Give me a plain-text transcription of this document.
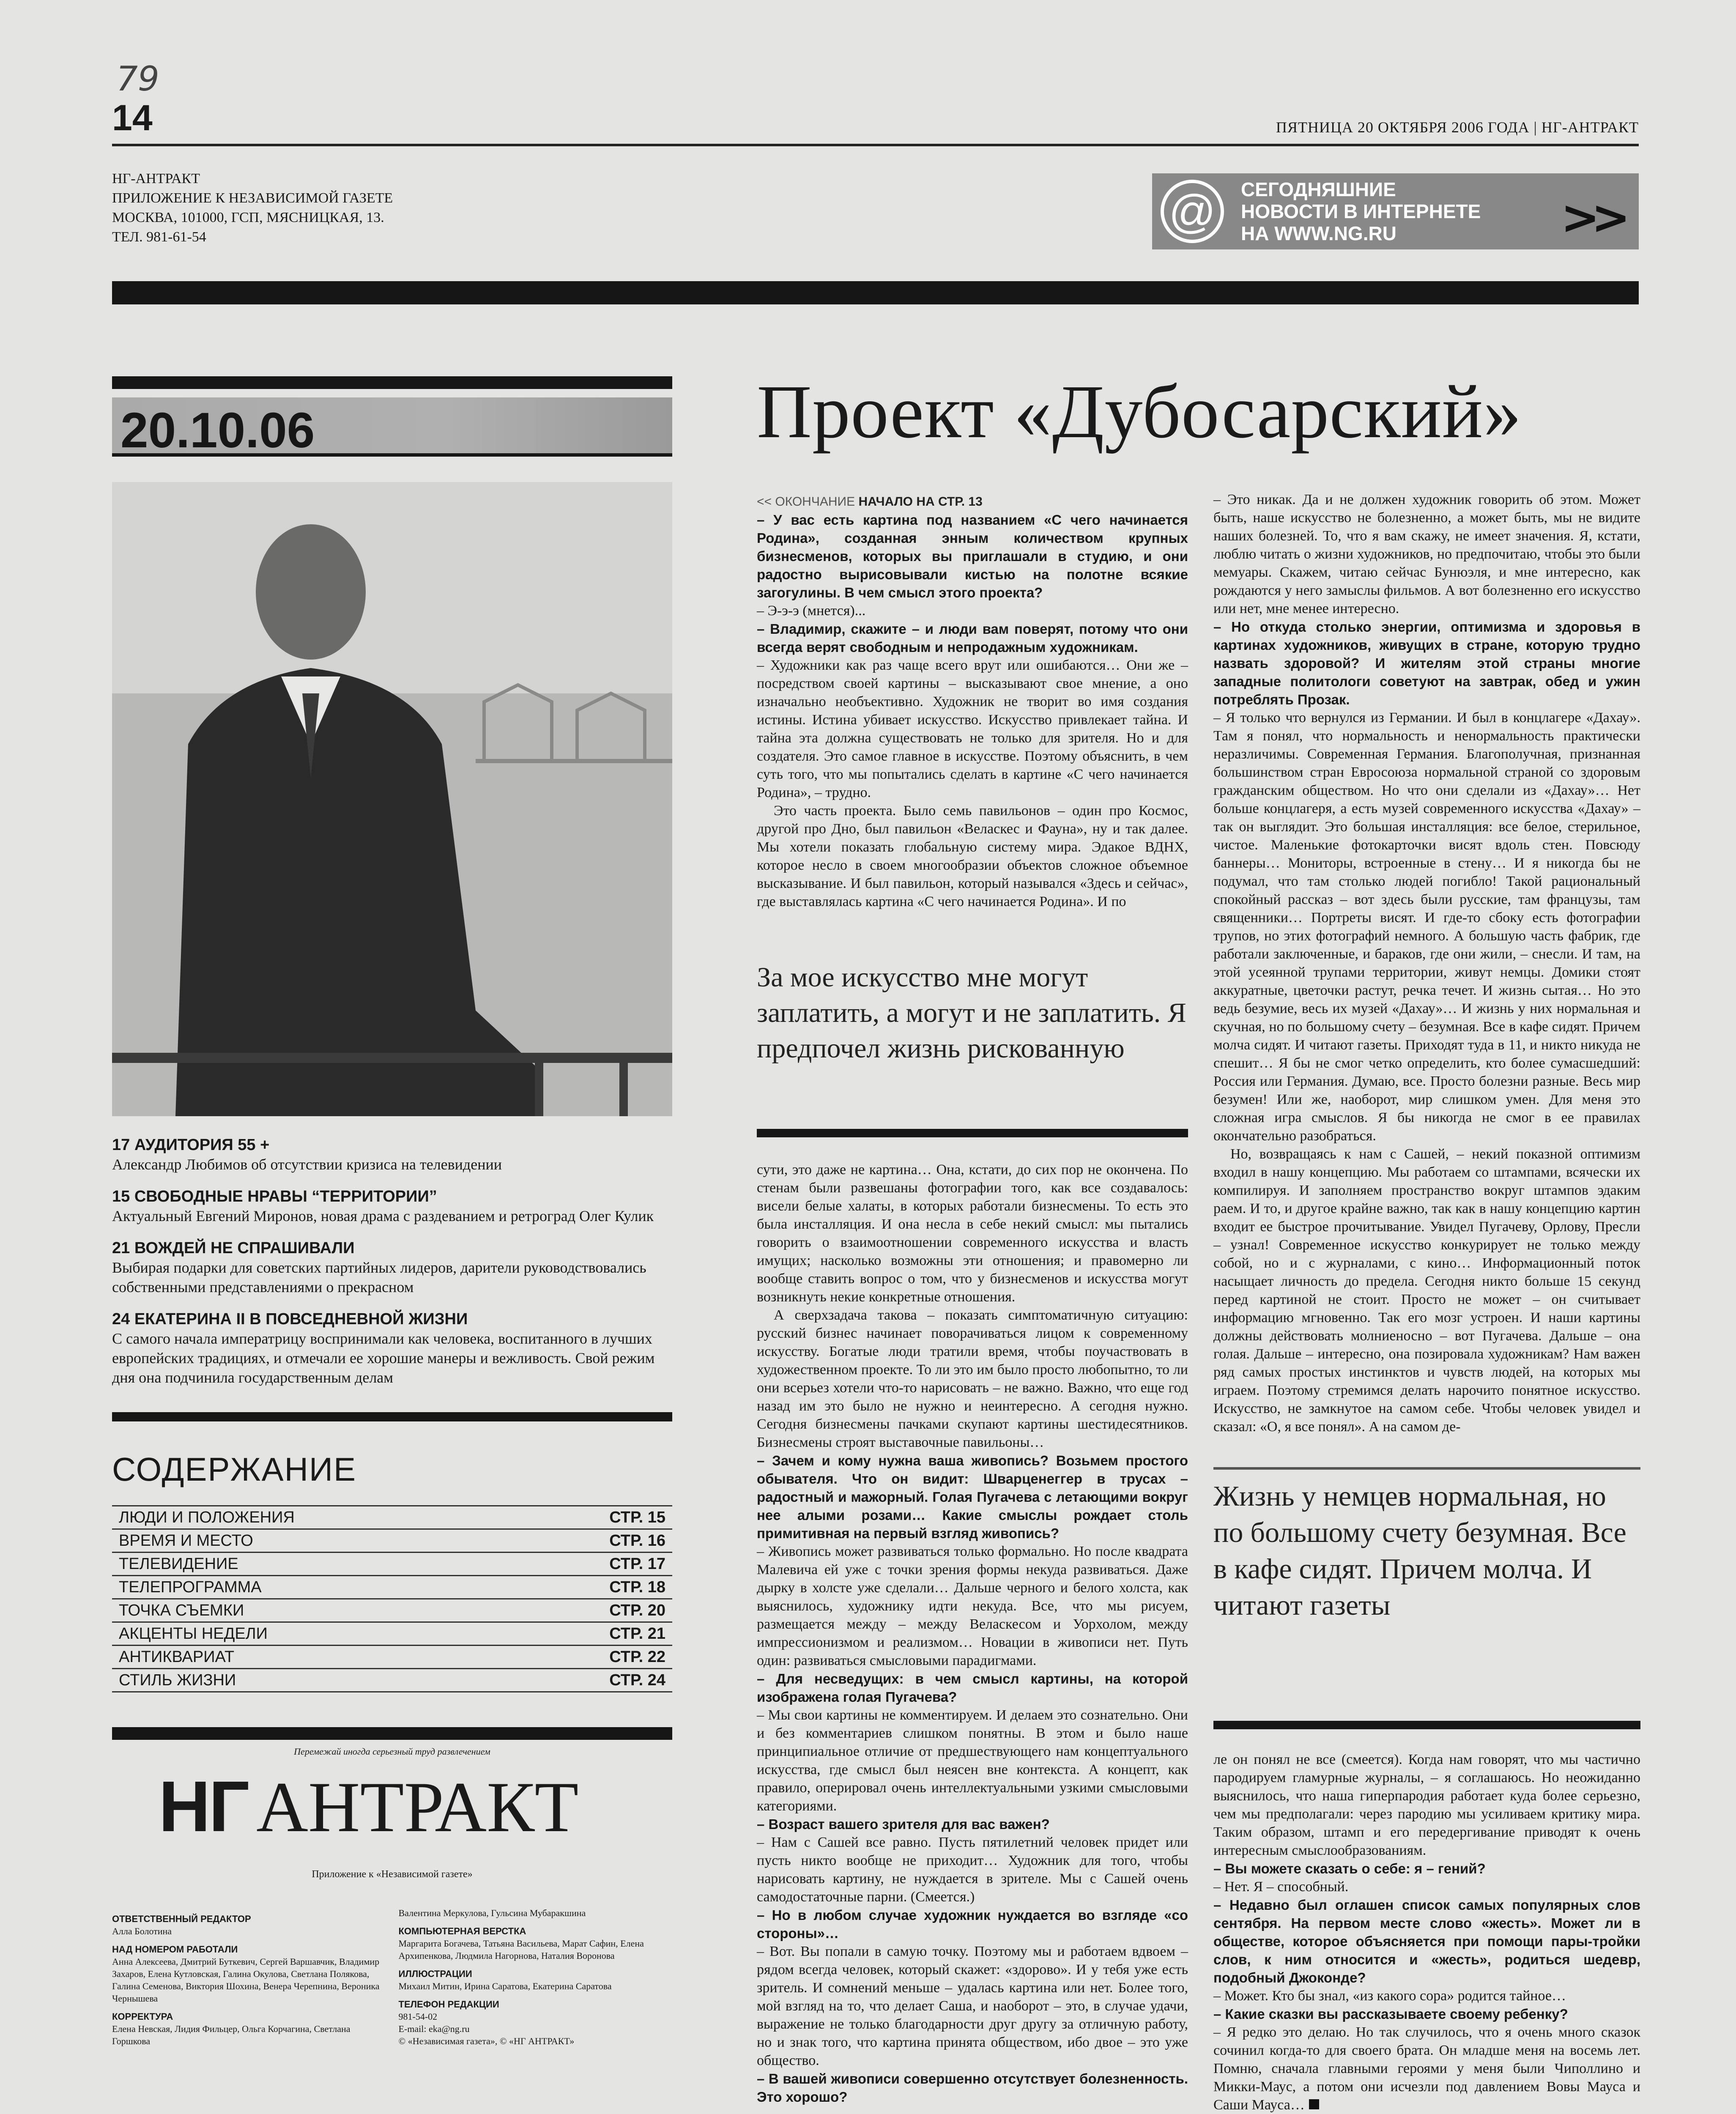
79
14	ПЯТНИЦА 20 ОКТЯБРЯ 2006 ГОДА | НГ-АНТРАКТ
НГ-АНТРАКТ
ПРИЛОЖЕНИЕ К НЕЗАВИСИМОЙ ГАЗЕТЕ
МОСКВА, 101000, ГСП, МЯСНИЦКАЯ, 13.
ТЕЛ. 981-61-54	@	СЕГОДНЯШНИЕ
НОВОСТИ В ИНТЕРНЕТЕ
НА WWW.NG.RU	>>
20.10.06
17 АУДИТОРИЯ 55 +
Александр Любимов об отсутствии кризиса на телевидении
15 СВОБОДНЫЕ НРАВЫ “ТЕРРИТОРИИ”
Актуальный Евгений Миронов, новая драма с раздеванием и ретроград Олег Кулик
21 ВОЖДЕЙ НЕ СПРАШИВАЛИ
Выбирая подарки для советских партийных лидеров, дарители руководствовались собственными представлениями о прекрасном
24 ЕКАТЕРИНА II В ПОВСЕДНЕВНОЙ ЖИЗНИ
С самого начала императрицу воспринимали как человека, воспитанного в лучших европейских традициях, и отмечали ее хорошие манеры и вежливость. Свой режим дня она подчинила государственным делам
СОДЕРЖАНИЕ
ЛЮДИ И ПОЛОЖЕНИЯ	СТР. 15
ВРЕМЯ И МЕСТО	СТР. 16
ТЕЛЕВИДЕНИЕ	СТР. 17
ТЕЛЕПРОГРАММА	СТР. 18
ТОЧКА СЪЕМКИ	СТР. 20
АКЦЕНТЫ НЕДЕЛИ	СТР. 21
АНТИКВАРИАТ	СТР. 22
СТИЛЬ ЖИЗНИ	СТР. 24
Перемежай иногда серьезный труд развлечением
НГ АНТРАКТ
Приложение к «Независимой газете»
ОТВЕТСТВЕННЫЙ РЕДАКТОР
Алла Болотина
НАД НОМЕРОМ РАБОТАЛИ
Анна Алексеева, Дмитрий Буткевич, Сергей Варшавчик, Владимир Захаров, Елена Кутловская, Галина Окулова, Светлана Полякова, Галина Семенова, Виктория Шохина, Венера Черепнина, Вероника Чернышева
КОРРЕКТУРА
Елена Невская, Лидия Фильцер, Ольга Корчагина, Светлана Горшкова
Валентина Меркулова, Гульсина Мубаракшина
КОМПЬЮТЕРНАЯ ВЕРСТКА
Маргарита Богачева, Татьяна Васильева, Марат Сафин, Елена Архипенкова, Людмила Нагорнова, Наталия Воронова
ИЛЛЮСТРАЦИИ
Михаил Митин, Ирина Саратова, Екатерина Саратова
ТЕЛЕФОН РЕДАКЦИИ
981-54-02
E-mail: eka@ng.ru
© «Независимая газета», © «НГ АНТРАКТ»
Проект «Дубосарский»
<< ОКОНЧАНИЕ НАЧАЛО НА СТР. 13

– У вас есть картина под названием «С чего начинается Родина», созданная энным количеством крупных бизнесменов, которых вы приглашали в студию, и они радостно вырисовывали кистью на полотне всякие загогулины. В чем смысл этого проекта?

– Э-э-э (мнется)...

– Владимир, скажите – и люди вам поверят, потому что они всегда верят свободным и непродажным художникам.

– Художники как раз чаще всего врут или ошибаются… Они же – посредством своей картины – высказывают свое мнение, а оно изначально необъективно. Художник не творит во имя создания истины. Истина убивает искусство. Искусство привлекает тайна. И тайна эта должна существовать не только для зрителя. Но и для создателя. Это самое главное в искусстве. Поэтому объяснить, в чем суть того, что мы попытались сделать в картине «С чего начинается Родина», – трудно.

Это часть проекта. Было семь павильонов – один про Космос, другой про Дно, был павильон «Веласкес и Фауна», ну и так далее. Мы хотели показать глобальную систему мира. Эдакое ВДНХ, которое несло в своем многообразии объектов сложное объемное высказывание. И был павильон, который назывался «Здесь и сейчас», где выставлялась картина «С чего начинается Родина». И по

За мое искусство мне могут заплатить, а могут и не заплатить. Я предпочел жизнь рискованную

сути, это даже не картина… Она, кстати, до сих пор не окончена. По стенам были развешаны фотографии того, как все создавалось: висели белые халаты, в которых работали бизнесмены. То есть это была инсталляция. И она несла в себе некий смысл: мы пытались говорить о взаимоотношении современного искусства и власть имущих; насколько возможны эти отношения; и правомерно ли вообще ставить вопрос о том, что у бизнесменов и искусства могут возникнуть некие конкретные отношения.

А сверхзадача такова – показать симптоматичную ситуацию: русский бизнес начинает поворачиваться лицом к современному искусству. Богатые люди тратили время, чтобы поучаствовать в художественном проекте. То ли это им было просто любопытно, то ли они всерьез хотели что-то нарисовать – не важно. Важно, что еще год назад им это было не нужно и неинтересно. А сегодня нужно. Сегодня бизнесмены пачками скупают картины шестидесятников. Бизнесмены строят выставочные павильоны…

– Зачем и кому нужна ваша живопись? Возьмем простого обывателя. Что он видит: Шварценеггер в трусах – радостный и мажорный. Голая Пугачева с летающими вокруг нее алыми розами… Какие смыслы рождает столь примитивная на первый взгляд живопись?

– Живопись может развиваться только формально. Но после квадрата Малевича ей уже с точки зрения формы некуда развиваться. Даже дырку в холсте уже сделали… Дальше черного и белого холста, как выяснилось, художнику идти некуда. Все, что мы рисуем, размещается между – между Веласкесом и Уорхолом, между импрессионизмом и реализмом… Новации в живописи нет. Путь один: развиваться смысловыми парадигмами.

– Для несведущих: в чем смысл картины, на которой изображена голая Пугачева?

– Мы свои картины не комментируем. И делаем это сознательно. Они и без комментариев слишком понятны. В этом и было наше принципиальное отличие от предшествующего нам концептуального искусства, где смысл был неясен вне контекста. А концепт, как правило, оперировал очень интеллектуальными узкими смысловыми категориями.

– Возраст вашего зрителя для вас важен?

– Нам с Сашей все равно. Пусть пятилетний человек придет или пусть никто вообще не приходит… Художник для того, чтобы нарисовать картину, не нуждается в зрителе. Мы с Сашей очень самодостаточные парни. (Смеется.)

– Но в любом случае художник нуждается во взгляде «со стороны»…

– Вот. Вы попали в самую точку. Поэтому мы и работаем вдвоем – рядом всегда человек, который скажет: «здорово». И у тебя уже есть зритель. И сомнений меньше – удалась картина или нет. Более того, мой взгляд на то, что делает Саша, и наоборот – это, в случае удачи, выражение не только благодарности друг другу за отличную работу, но и знак того, что картина принята обществом, ибо двое – это уже общество.

– В вашей живописи совершенно отсутствует болезненность. Это хорошо?

– Это никак. Да и не должен художник говорить об этом. Может быть, наше искусство не болезненно, а может быть, мы не видите наших болезней. То, что я вам скажу, не имеет значения. Я, кстати, люблю читать о жизни художников, но предпочитаю, чтобы это были мемуары. Скажем, читаю сейчас Бунюэля, и мне интересно, как рождаются у него замыслы фильмов. А вот болезненно его искусство или нет, мне менее интересно.

– Но откуда столько энергии, оптимизма и здоровья в картинах художников, живущих в стране, которую трудно назвать здоровой? И жителям этой страны многие западные политологи советуют на завтрак, обед и ужин потреблять Прозак.

– Я только что вернулся из Германии. И был в концлагере «Дахау». Там я понял, что нормальность и ненормальность практически неразличимы. Современная Германия. Благополучная, признанная большинством стран Евросоюза нормальной страной со здоровым гражданским обществом. Но что они сделали из «Дахау»… Нет больше концлагеря, а есть музей современного искусства «Дахау» – так он выглядит. Это большая инсталляция: все белое, стерильное, чистое. Маленькие фотокарточки висят вдоль стен. Повсюду баннеры… Мониторы, встроенные в стену… И я никогда бы не подумал, что там столько людей погибло! Такой рациональный спокойный рассказ – вот здесь были русские, там французы, там священники… Портреты висят. И где-то сбоку есть фотографии трупов, но этих фотографий немного. А большую часть фабрик, где работали заключенные, и бараков, где они жили, – снесли. И там, на этой усеянной трупами территории, живут немцы. Домики стоят аккуратные, цветочки растут, речка течет. И жизнь сытая… Но это ведь безумие, весь их музей «Дахау»… И жизнь у них нормальная и скучная, но по большому счету – безумная. Все в кафе сидят. Причем молча сидят. И читают газеты. Приходят туда в 11, и никто никуда не спешит… Я бы не смог четко определить, кто более сумасшедший: Россия или Германия. Думаю, все. Просто болезни разные. Весь мир безумен! Или же, наоборот, мир слишком умен. Для меня это сложная игра смыслов. Я бы никогда не смог в ее правилах окончательно разобраться.

Но, возвращаясь к нам с Сашей, – некий показной оптимизм входил в нашу концепцию. Мы работаем со штампами, всячески их компилируя. И заполняем пространство вокруг штампов эдаким раем. И то, и другое крайне важно, так как в нашу концепцию картин входит ее быстрое прочитывание. Увидел Пугачеву, Орлову, Пресли – узнал! Современное искусство конкурирует не только между собой, но и с журналами, с кино… Информационный поток насыщает личность до предела. Сегодня никто больше 15 секунд перед картиной не стоит. Просто не может – он считывает информацию мгновенно. Так его мозг устроен. И наши картины должны действовать молниеносно – вот Пугачева. Дальше – она голая. Дальше – интересно, она позировала художникам? Нам важен ряд самых простых инстинктов и чувств людей, на которых мы играем. Поэтому стремимся делать нарочито понятное искусство. Искусство, не замкнутое на самом себе. Чтобы человек увидел и сказал: «О, я все понял». А на самом де-

Жизнь у немцев нормальная, но по большому счету безумная. Все в кафе сидят. Причем молча. И читают газеты

ле он понял не все (смеется). Когда нам говорят, что мы частично пародируем гламурные журналы, – я соглашаюсь. Но неожиданно выяснилось, что наша гиперпародия работает куда более серьезно, чем мы предполагали: через пародию мы усиливаем критику мира. Таким образом, штамп и его передергивание приводят к очень интересным смыслообразованиям.

– Вы можете сказать о себе: я – гений?

– Нет. Я – способный.

– Недавно был оглашен список самых популярных слов сентября. На первом месте слово «жесть». Может ли в обществе, которое объясняется при помощи пары-тройки слов, к ним относится и «жесть», родиться шедевр, подобный Джоконде?

– Может. Кто бы знал, «из какого сора» родится тайное…

– Какие сказки вы рассказываете своему ребенку?

– Я редко это делаю. Но так случилось, что я очень много сказок сочинил когда-то для своего брата. Он младше меня на восемь лет. Помню, сначала главными героями у меня были Чиполлино и Микки-Маус, а потом они исчезли под давлением Вовы Мауса и Саши Мауса…
